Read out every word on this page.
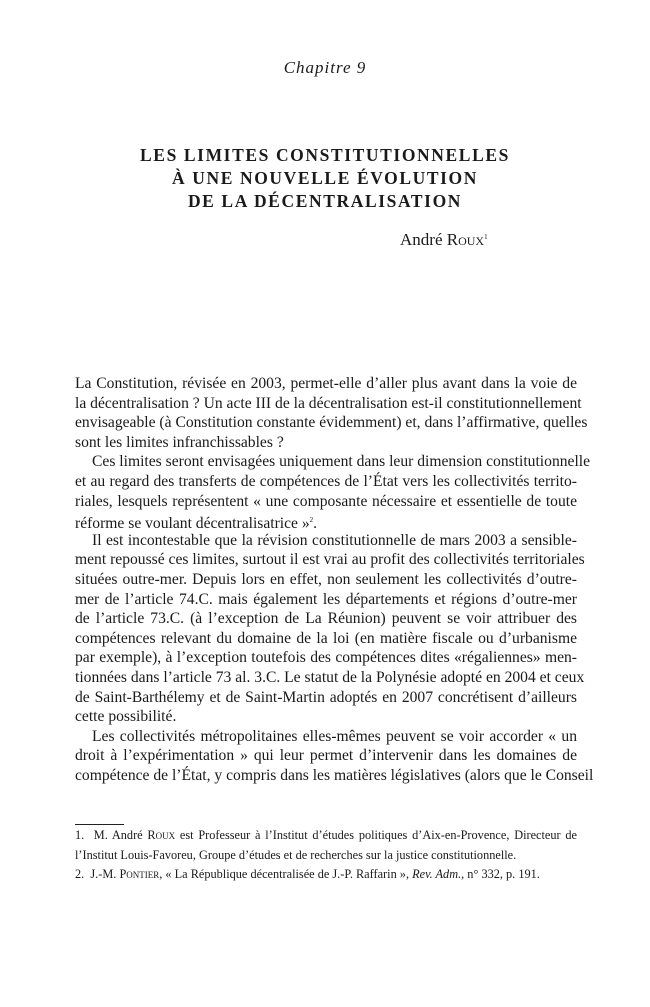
Chapitre 9
LES LIMITES CONSTITUTIONNELLES
À UNE NOUVELLE ÉVOLUTION
DE LA DÉCENTRALISATION
André Roux$^1$
La Constitution, révisée en 2003, permet-elle d’aller plus avant dans la voie de
la décentralisation ? Un acte III de la décentralisation est-il constitutionnellement
envisageable (à Constitution constante évidemment) et, dans l’affirmative, quelles
sont les limites infranchissables ?
Ces limites seront envisagées uniquement dans leur dimension constitutionnelle
et au regard des transferts de compétences de l’État vers les collectivités territo-
riales, lesquels représentent « une composante nécessaire et essentielle de toute
réforme se voulant décentralisatrice »$^2$.
Il est incontestable que la révision constitutionnelle de mars 2003 a sensible-
ment repoussé ces limites, surtout il est vrai au profit des collectivités territoriales
situées outre-mer. Depuis lors en effet, non seulement les collectivités d’outre-
mer de l’article 74.C. mais également les départements et régions d’outre-mer
de l’article 73.C. (à l’exception de La Réunion) peuvent se voir attribuer des
compétences relevant du domaine de la loi (en matière fiscale ou d’urbanisme
par exemple), à l’exception toutefois des compétences dites «régaliennes» men-
tionnées dans l’article 73 al. 3.C. Le statut de la Polynésie adopté en 2004 et ceux
de Saint-Barthélemy et de Saint-Martin adoptés en 2007 concrétisent d’ailleurs
cette possibilité.
Les collectivités métropolitaines elles-mêmes peuvent se voir accorder « un
droit à l’expérimentation » qui leur permet d’intervenir dans les domaines de
compétence de l’État, y compris dans les matières législatives (alors que le Conseil
1. M. André Roux est Professeur à l’Institut d’études politiques d’Aix-en-Provence, Directeur de
l’Institut Louis-Favoreu, Groupe d’études et de recherches sur la justice constitutionnelle.
2. J.-M. Pontier, « La République décentralisée de J.-P. Raffarin », Rev. Adm., n° 332, p. 191.
